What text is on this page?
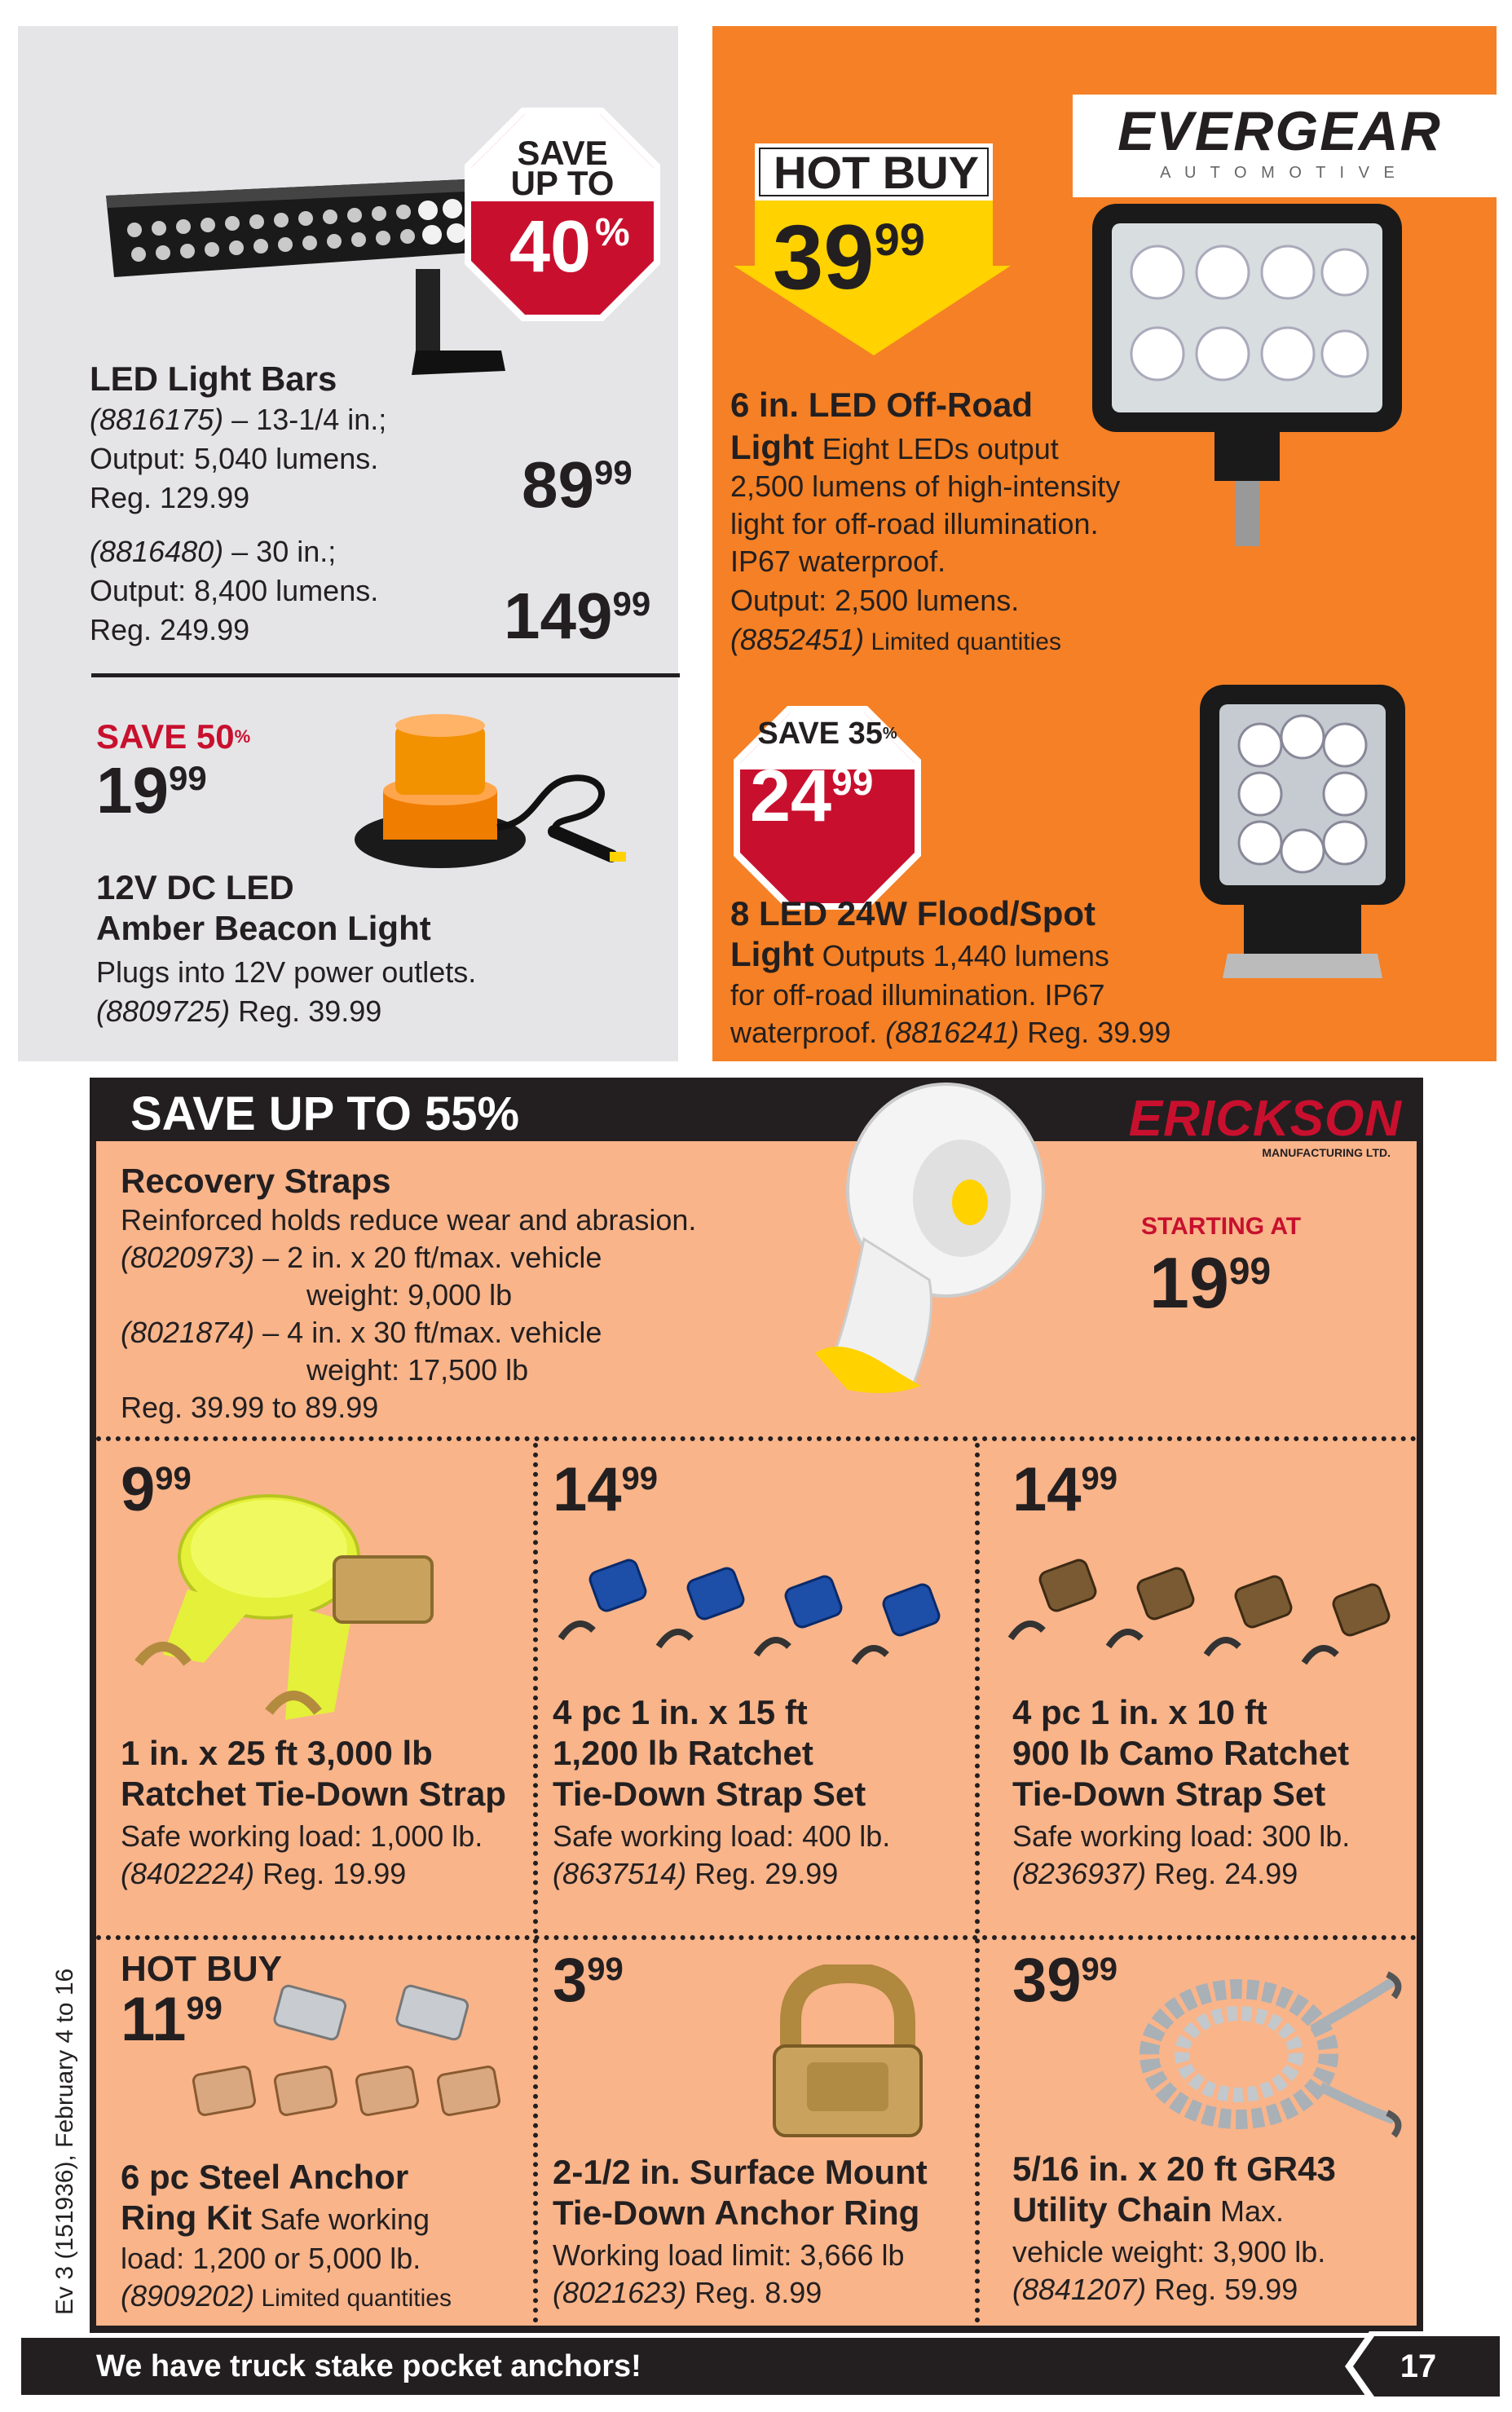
SAVE
UP TO
40 %
LED Light Bars
(8816175) – 13-1/4 in.;
Output: 5,040 lumens.
Reg. 129.99	8999
(8816480) – 30 in.;
Output: 8,400 lumens.
Reg. 249.99	14999
SAVE 50%
1999
12V DC LED
Amber Beacon Light
Plugs into 12V power outlets.
(8809725) Reg. 39.99
EVERGEAR
A U T O M O T I V E
HOT BUY
3999
6 in. LED Off-Road
Light Eight LEDs output
2,500 lumens of high-intensity
light for off-road illumination.
IP67 waterproof.
Output: 2,500 lumens.
(8852451) Limited quantities
SAVE 35%
2499
8 LED 24W Flood/Spot
Light Outputs 1,440 lumens
for off-road illumination. IP67
waterproof. (8816241) Reg. 39.99
SAVE UP TO 55%	ERICKSON
MANUFACTURING LTD.
STARTING AT
1999
Recovery Straps
Reinforced holds reduce wear and abrasion.
(8020973) – 2 in. x 20 ft/max. vehicle
weight: 9,000 lb
(8021874) – 4 in. x 30 ft/max. vehicle
weight: 17,500 lb
Reg. 39.99 to 89.99
999
1 in. x 25 ft 3,000 lb
Ratchet Tie-Down Strap
Safe working load: 1,000 lb.
(8402224) Reg. 19.99
1499
4 pc 1 in. x 15 ft
1,200 lb Ratchet
Tie-Down Strap Set
Safe working load: 400 lb.
(8637514) Reg. 29.99
1499
4 pc 1 in. x 10 ft
900 lb Camo Ratchet
Tie-Down Strap Set
Safe working load: 300 lb.
(8236937) Reg. 24.99
HOT BUY
1199
6 pc Steel Anchor
Ring Kit Safe working
load: 1,200 or 5,000 lb.
(8909202) Limited quantities
399
2-1/2 in. Surface Mount
Tie-Down Anchor Ring
Working load limit: 3,666 lb
(8021623) Reg. 8.99
3999
5/16 in. x 20 ft GR43
Utility Chain Max.
vehicle weight: 3,900 lb.
(8841207) Reg. 59.99
We have truck stake pocket anchors!	17
Ev 3 (151936), February 4 to 16
